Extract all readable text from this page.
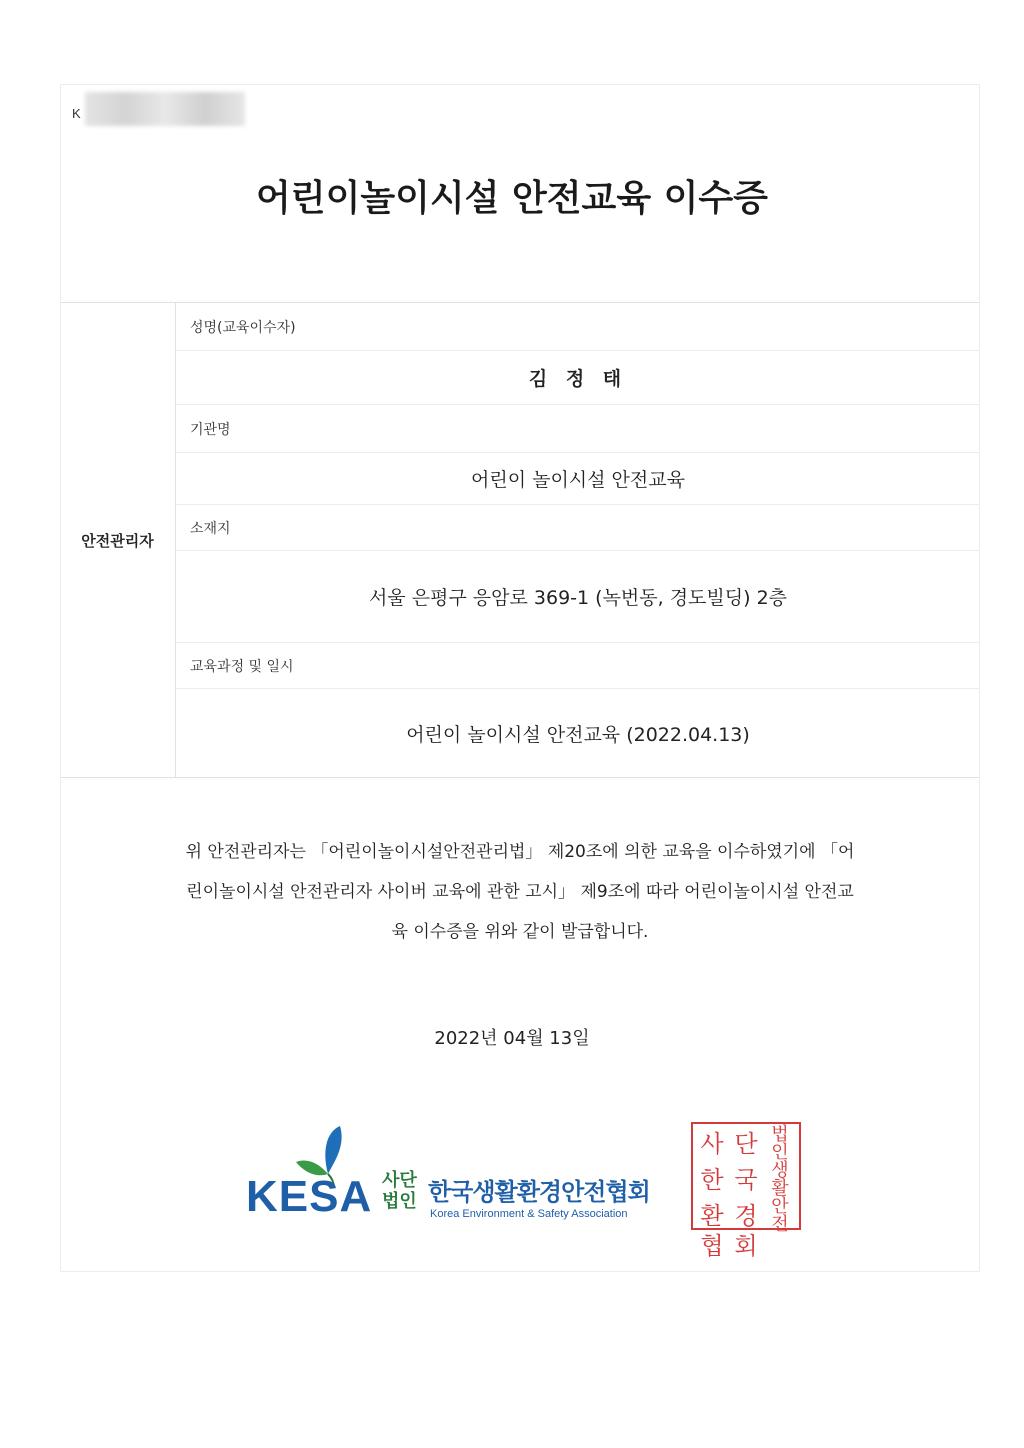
K
어린이놀이시설 안전교육 이수증
안전관리자
성명(교육이수자)
김 정 태
기관명
어린이 놀이시설 안전교육
소재지
서울 은평구 응암로 369-1 (녹번동, 경도빌딩) 2층
교육과정 및 일시
어린이 놀이시설 안전교육 (2022.04.13)
위 안전관리자는 「어린이놀이시설안전관리법」 제20조에 의한 교육을 이수하였기에 「어
린이놀이시설 안전관리자 사이버 교육에 관한 고시」 제9조에 따라 어린이놀이시설 안전교
육 이수증을 위와 같이 발급합니다.
2022년 04월 13일
KESA 사단
법인 한국생활환경안전협회
Korea Environment & Safety Association
사 단 법인
한 국 생활
환 경 안전
협 회
